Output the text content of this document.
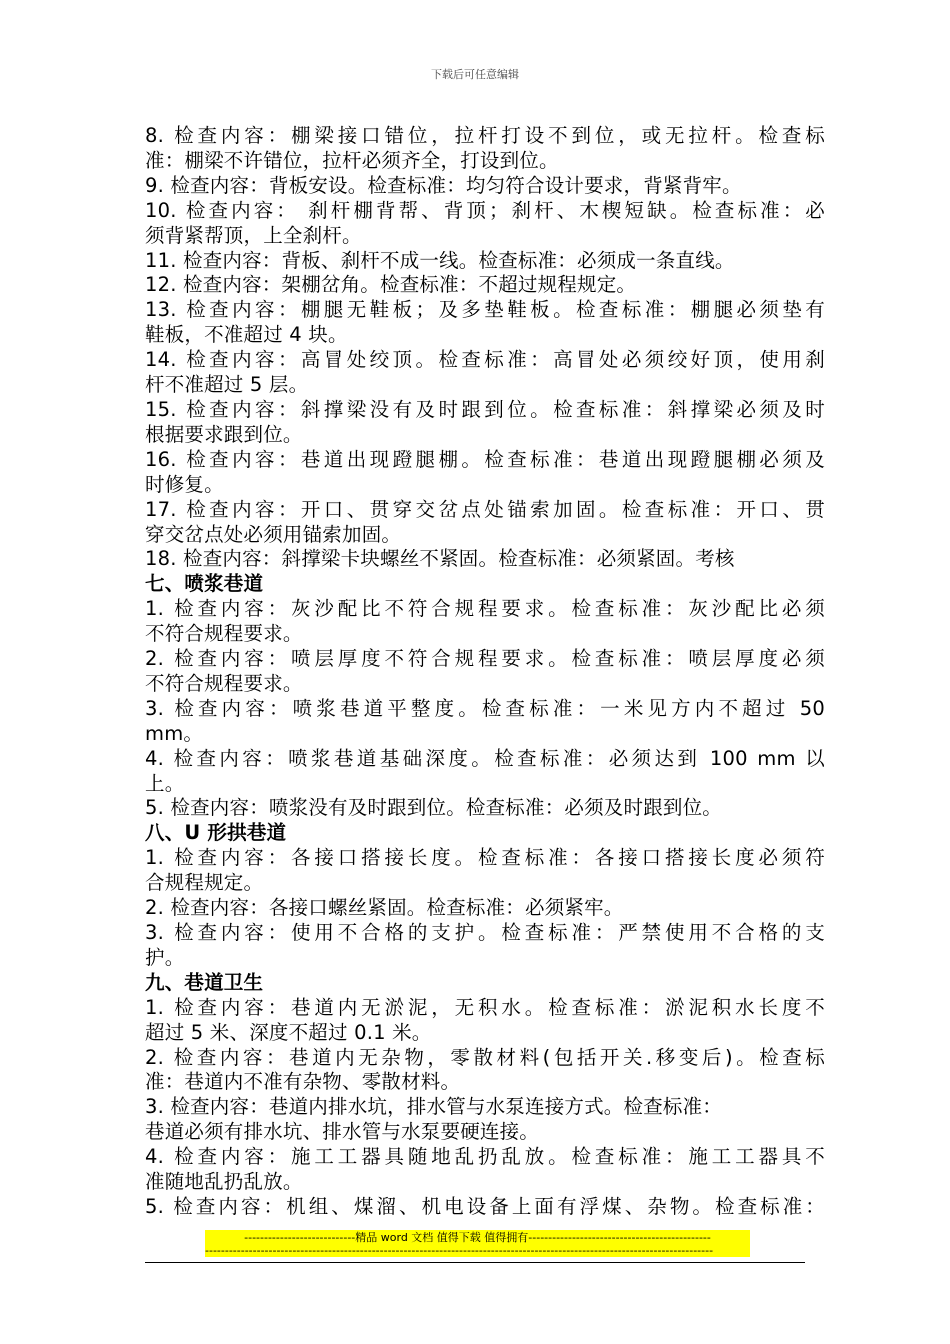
下载后可任意编辑
8. 检查内容：棚梁接口错位，拉杆打设不到位，或无拉杆。检查标
准：棚梁不许错位，拉杆必须齐全，打设到位。
9. 检查内容：背板安设。检查标准：均匀符合设计要求，背紧背牢。
10. 检查内容： 刹杆棚背帮、背顶；刹杆、木楔短缺。检查标准：必
须背紧帮顶，上全刹杆。
11. 检查内容：背板、刹杆不成一线。检查标准：必须成一条直线。
12. 检查内容：架棚岔角。检查标准：不超过规程规定。
13. 检查内容：棚腿无鞋板；及多垫鞋板。检查标准：棚腿必须垫有
鞋板，不准超过 4 块。
14. 检查内容：高冒处绞顶。检查标准：高冒处必须绞好顶，使用刹
杆不准超过 5 层。
15. 检查内容：斜撑梁没有及时跟到位。检查标准：斜撑梁必须及时
根据要求跟到位。
16. 检查内容：巷道出现蹬腿棚。检查标准：巷道出现蹬腿棚必须及
时修复。
17. 检查内容：开口、贯穿交岔点处锚索加固。检查标准：开口、贯
穿交岔点处必须用锚索加固。
18. 检查内容：斜撑梁卡块螺丝不紧固。检查标准：必须紧固。考核
七、喷浆巷道
1. 检查内容：灰沙配比不符合规程要求。检查标准：灰沙配比必须
不符合规程要求。
2. 检查内容：喷层厚度不符合规程要求。检查标准：喷层厚度必须
不符合规程要求。
3. 检查内容：喷浆巷道平整度。检查标准：一米见方内不超过 50
mm。
4. 检查内容：喷浆巷道基础深度。检查标准：必须达到 100 mm 以
上。
5. 检查内容：喷浆没有及时跟到位。检查标准：必须及时跟到位。
八、U 形拱巷道
1. 检查内容：各接口搭接长度。检查标准：各接口搭接长度必须符
合规程规定。
2. 检查内容：各接口螺丝紧固。检查标准：必须紧牢。
3. 检查内容：使用不合格的支护。检查标准：严禁使用不合格的支
护。
九、巷道卫生
1. 检查内容：巷道内无淤泥，无积水。检查标准：淤泥积水长度不
超过 5 米、深度不超过 0.1 米。
2. 检查内容：巷道内无杂物，零散材料(包括开关.移变后)。检查标
准：巷道内不准有杂物、零散材料。
3. 检查内容：巷道内排水坑，排水管与水泵连接方式。检查标准：
巷道必须有排水坑、排水管与水泵要硬连接。
4. 检查内容：施工工器具随地乱扔乱放。检查标准：施工工器具不
准随地乱扔乱放。
5. 检查内容：机组、煤溜、机电设备上面有浮煤、杂物。检查标准：
----------------------------精品 word 文档 值得下载 值得拥有----------------------------------------------
--------------------------------------------------------------------------------------------------------------------------------
